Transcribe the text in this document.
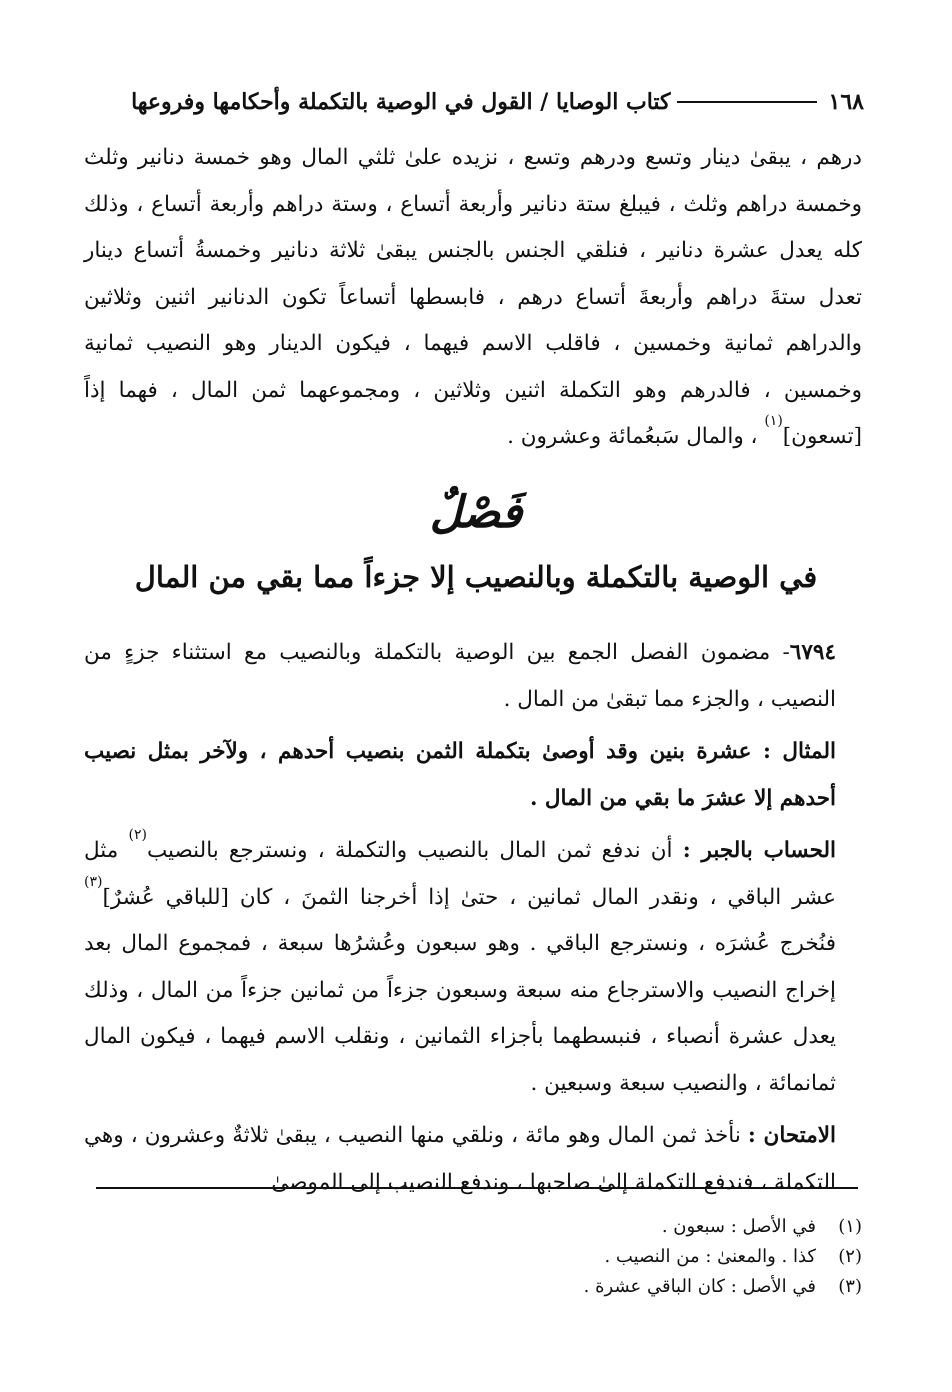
١٦٨
كتاب الوصايا / القول في الوصية بالتكملة وأحكامها وفروعها

درهم ، يبقىٰ دينار وتسع ودرهم وتسع ، نزيده علىٰ ثلثي المال وهو خمسة دنانير وثلث وخمسة دراهم وثلث ، فيبلغ ستة دنانير وأربعة أتساع ، وستة دراهم وأربعة أتساع ، وذلك كله يعدل عشرة دنانير ، فنلقي الجنس بالجنس يبقىٰ ثلاثة دنانير وخمسةُ أتساع دينار تعدل ستةَ دراهم وأربعةَ أتساع درهم ، فابسطها أتساعاً تكون الدنانير اثنين وثلاثين والدراهم ثمانية وخمسين ، فاقلب الاسم فيهما ، فيكون الدينار وهو النصيب ثمانية وخمسين ، فالدرهم وهو التكملة اثنين وثلاثين ، ومجموعهما ثمن المال ، فهما إذاً [تسعون]$^{(١)}$ ، والمال سَبعُمائة وعشرون .

فَصْلٌ
في الوصية بالتكملة وبالنصيب إلا جزءاً مما بقي من المال

٦٧٩٤- مضمون الفصل الجمع بين الوصية بالتكملة وبالنصيب مع استثناء جزءٍ من النصيب ، والجزء مما تبقىٰ من المال .

المثال : عشرة بنين وقد أوصىٰ بتكملة الثمن بنصيب أحدهم ، ولآخر بمثل نصيب أحدهم إلا عشرَ ما بقي من المال .

الحساب بالجبر : أن ندفع ثمن المال بالنصيب والتكملة ، ونسترجع بالنصيب$^{(٢)}$ مثل عشر الباقي ، ونقدر المال ثمانين ، حتىٰ إذا أخرجنا الثمنَ ، كان [للباقي عُشرٌ]$^{(٣)}$ فنُخرج عُشرَه ، ونسترجع الباقي . وهو سبعون وعُشرُها سبعة ، فمجموع المال بعد إخراج النصيب والاسترجاع منه سبعة وسبعون جزءاً من ثمانين جزءاً من المال ، وذلك يعدل عشرة أنصباء ، فنبسطهما بأجزاء الثمانين ، ونقلب الاسم فيهما ، فيكون المال ثمانمائة ، والنصيب سبعة وسبعين .

الامتحان : نأخذ ثمن المال وهو مائة ، ونلقي منها النصيب ، يبقىٰ ثلاثةٌ وعشرون ، وهي التكملة ، فندفع التكملة إلىٰ صاحبها ، وندفع النصيب إلى الموصىٰ

(١)
في الأصل : سبعون .
(٢)
كذا . والمعنىٰ : من النصيب .
(٣)
في الأصل : كان الباقي عشرة .
